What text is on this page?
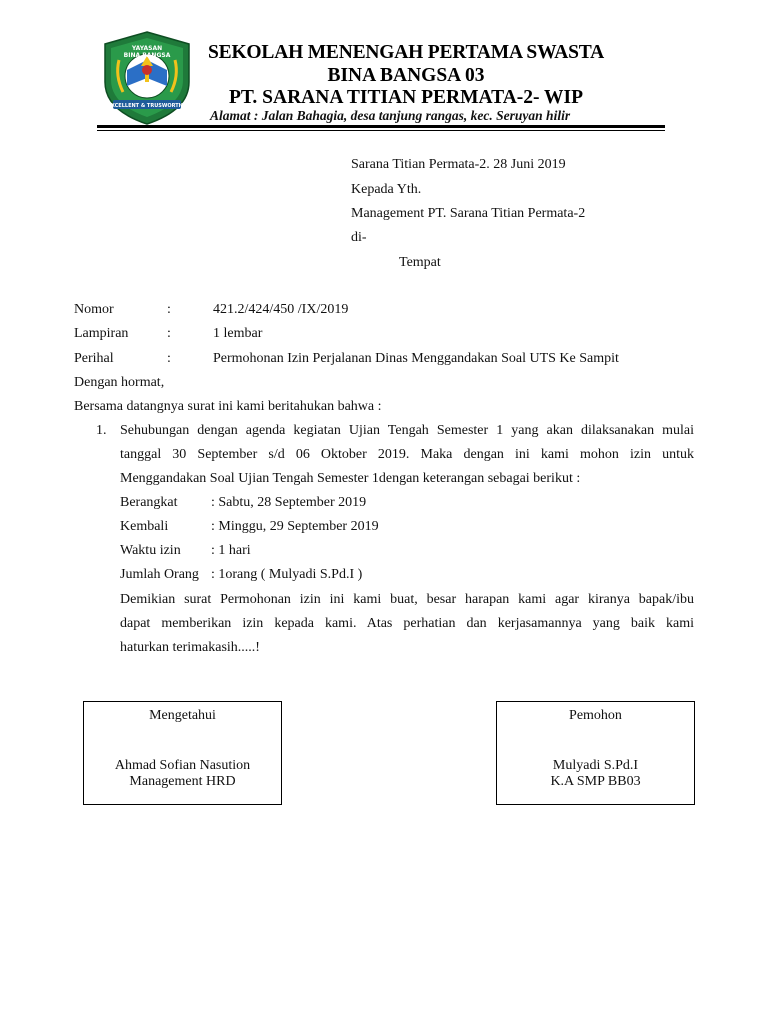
YAYASAN
BINA BANGSA
EXCELLENT & TRUSWORTHY
SEKOLAH MENENGAH PERTAMA SWASTA
BINA BANGSA 03
PT. SARANA TITIAN PERMATA-2- WIP
Alamat : Jalan Bahagia, desa tanjung rangas, kec. Seruyan hilir
Sarana Titian Permata-2. 28 Juni 2019
Kepada Yth.
Management PT. Sarana Titian Permata-2
di-
Tempat
Nomor	:	421.2/424/450 /IX/2019
Lampiran	:	1 lembar
Perihal	:	Permohonan Izin Perjalanan Dinas Menggandakan Soal UTS Ke Sampit
Dengan hormat,
Bersama datangnya surat ini kami beritahukan bahwa :
1. Sehubungan dengan agenda kegiatan Ujian Tengah Semester 1 yang akan dilaksanakan mulai
tanggal 30 September s/d 06 Oktober 2019. Maka dengan ini kami mohon izin untuk
Menggandakan Soal Ujian Tengah Semester 1dengan keterangan sebagai berikut :
Berangkat : Sabtu, 28 September 2019
Kembali	: Minggu, 29 September 2019
Waktu izin : 1 hari
Jumlah Orang : 1orang ( Mulyadi S.Pd.I )
Demikian surat Permohonan izin ini kami buat, besar harapan kami agar kiranya bapak/ibu
dapat memberikan izin kepada kami. Atas perhatian dan kerjasamannya yang baik kami
haturkan terimakasih.....!
Mengetahui
Ahmad Sofian Nasution
Management HRD
Pemohon
Mulyadi S.Pd.I
K.A SMP BB03
